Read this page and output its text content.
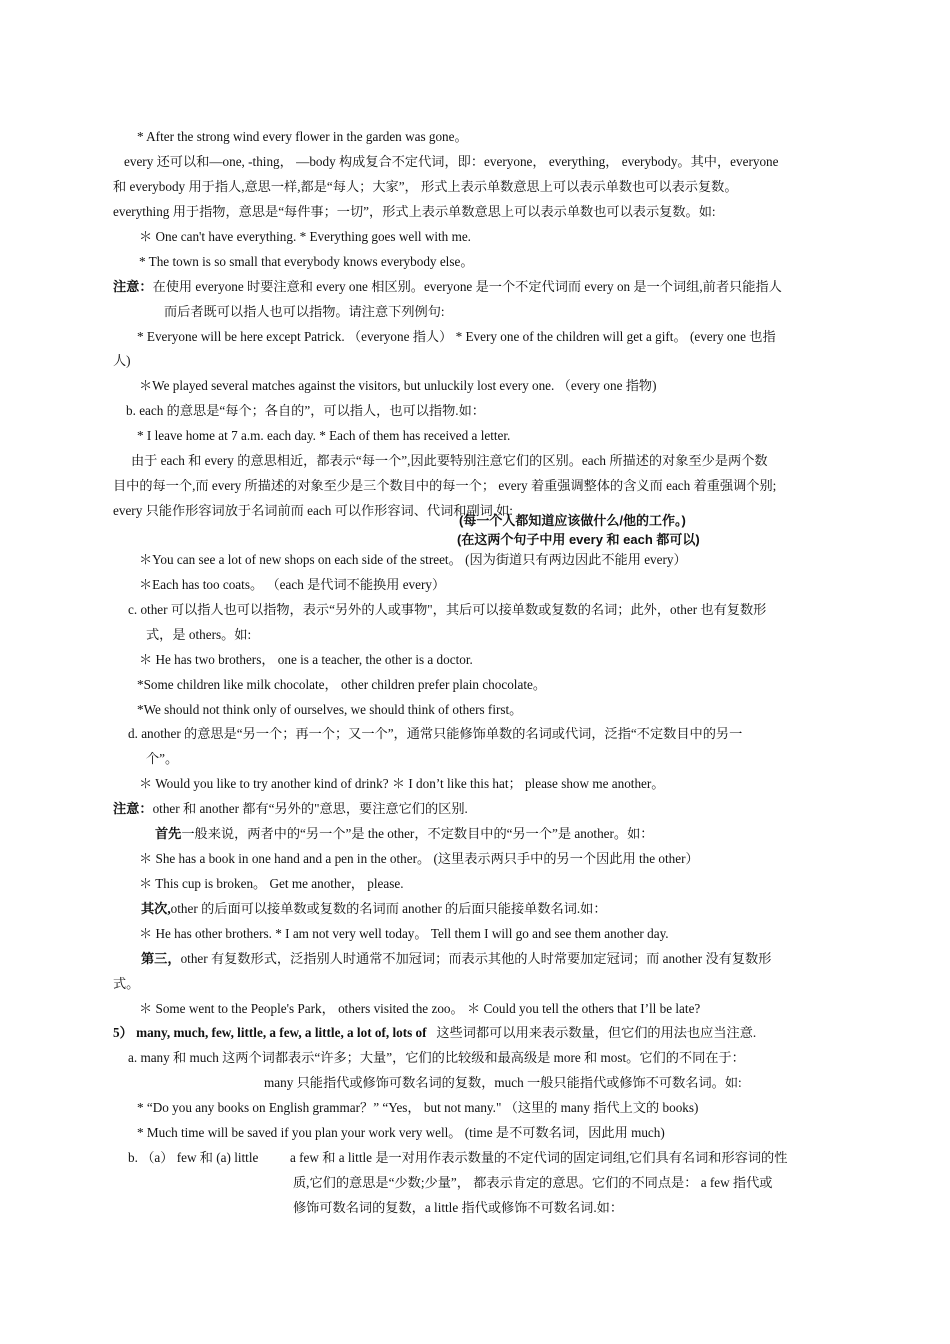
* After the strong wind every flower in the garden was gone。
every 还可以和—one, -thing， —body 构成复合不定代词，即：everyone， everything， everybody。其中，everyone
和 everybody 用于指人,意思一样,都是“每人；大家”， 形式上表示单数意思上可以表示单数也可以表示复数。
everything 用于指物，意思是“每件事；一切”，形式上表示单数意思上可以表示单数也可以表示复数。如:
＊ One can't have everything. * Everything goes well with me.
* The town is so small that everybody knows everybody else。
注意：在使用 everyone 时要注意和 every one 相区别。everyone 是一个不定代词而 every on 是一个词组,前者只能指人
而后者既可以指人也可以指物。请注意下列例句:
* Everyone will be here except Patrick. （everyone 指人） * Every one of the children will get a gift。 (every one 也指
人)
＊We played several matches against the visitors, but unluckily lost every one. （every one 指物)
b. each 的意思是“每个；各自的”，可以指人，也可以指物.如：
* I leave home at 7 a.m. each day. * Each of them has received a letter.
由于 each 和 every 的意思相近，都表示“每一个”,因此要特别注意它们的区别。each 所描述的对象至少是两个数
目中的每一个,而 every 所描述的对象至少是三个数目中的每一个； every 着重强调整体的含义而 each 着重强调个别;
every 只能作形容词放于名词前而 each 可以作形容词、代词和副词.如:
(每一个人都知道应该做什么/他的工作。)
(在这两个句子中用 every 和 each 都可以)
＊You can see a lot of new shops on each side of the street。 (因为街道只有两边因此不能用 every）
＊Each has too coats。 （each 是代词不能换用 every）
c. other 可以指人也可以指物，表示“另外的人或事物"，其后可以接单数或复数的名词；此外，other 也有复数形
式，是 others。如:
＊ He has two brothers， one is a teacher, the other is a doctor.
*Some children like milk chocolate， other children prefer plain chocolate。
*We should not think only of ourselves, we should think of others first。
d. another 的意思是“另一个；再一个；又一个”，通常只能修饰单数的名词或代词，泛指“不定数目中的另一
个”。
＊ Would you like to try another kind of drink? ＊ I don’t like this hat； please show me another。
注意：other 和 another 都有“另外的"意思，要注意它们的区别.
首先一般来说，两者中的“另一个”是 the other，不定数目中的“另一个”是 another。如：
＊ She has a book in one hand and a pen in the other。 (这里表示两只手中的另一个因此用 the other）
＊ This cup is broken。 Get me another， please.
其次,other 的后面可以接单数或复数的名词而 another 的后面只能接单数名词.如：
＊ He has other brothers. * I am not very well today。 Tell them I will go and see them another day.
第三，other 有复数形式，泛指别人时通常不加冠词；而表示其他的人时常要加定冠词；而 another 没有复数形
式。
＊ Some went to the People's Park， others visited the zoo。 ＊ Could you tell the others that I’ll be late?
5） many, much, few, little, a few, a little, a lot of, lots of 这些词都可以用来表示数量，但它们的用法也应当注意.
a. many 和 much 这两个词都表示“许多；大量”，它们的比较级和最高级是 more 和 most。它们的不同在于：
many 只能指代或修饰可数名词的复数，much 一般只能指代或修饰不可数名词。如:
* “Do you any books on English grammar？” “Yes， but not many." （这里的 many 指代上文的 books)
* Much time will be saved if you plan your work very well。 (time 是不可数名词，因此用 much)
b. （a） few 和 (a) little a few 和 a little 是一对用作表示数量的不定代词的固定词组,它们具有名词和形容词的性
质,它们的意思是“少数;少量”， 都表示肯定的意思。它们的不同点是： a few 指代或
修饰可数名词的复数，a little 指代或修饰不可数名词.如：
